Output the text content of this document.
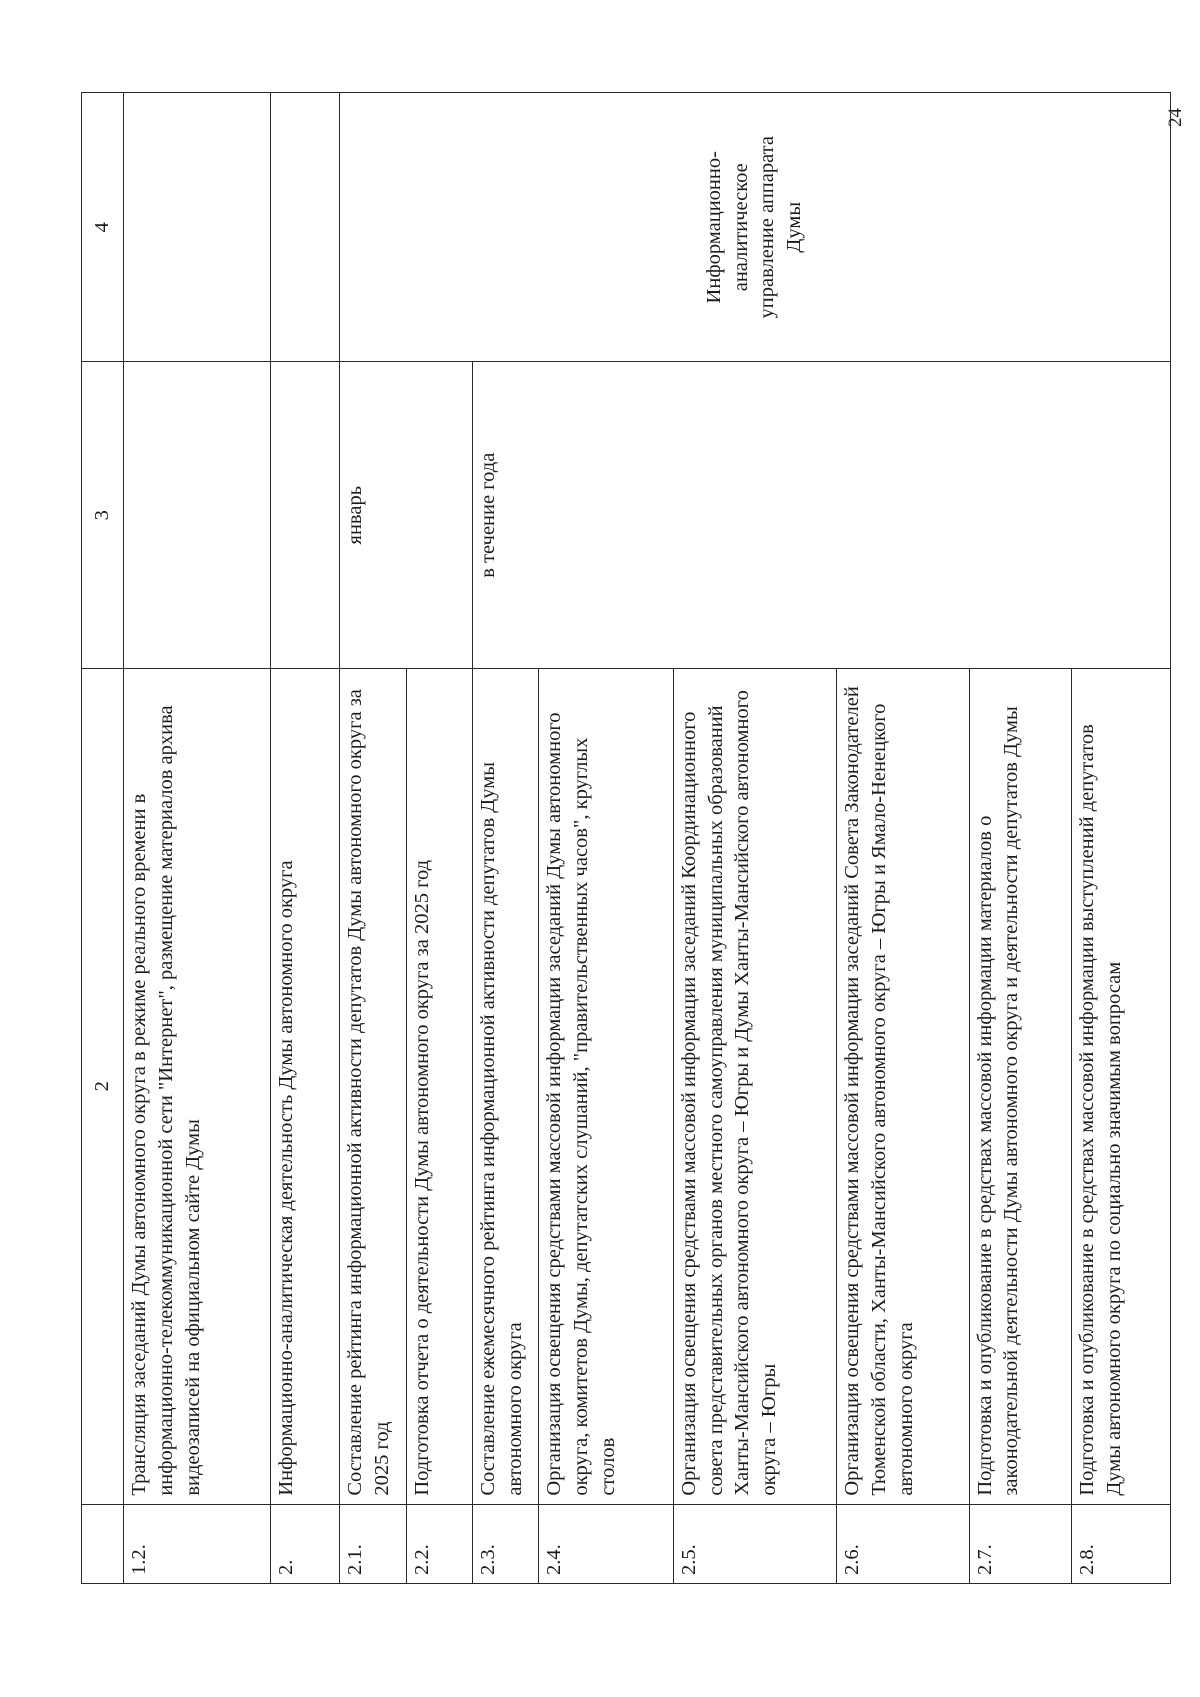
24
	2	3	4
1.2.	Трансляция заседаний Думы автономного округа в режиме реального времени в информационно-телекоммуникационной сети "Интернет", размещение материалов архива видеозаписей на официальном сайте Думы		
2.	Информационно-аналитическая деятельность Думы автономного округа		
2.1.	Составление рейтинга информационной активности депутатов Думы автономного округа за 2025 год	январь	Информационно- аналитическое управление аппарата Думы

2.2.	Подготовка отчета о деятельности Думы автономного округа за 2025 год		
2.3.	Составление ежемесячного рейтинга информационной активности депутатов Думы автономного округа	в течение года	
2.4.	Организация освещения средствами массовой информации заседаний Думы автономного округа, комитетов Думы, депутатских слушаний, "правительственных часов", круглых столов		
2.5.	Организация освещения средствами массовой информации заседаний Координационного совета представительных органов местного самоуправления муниципальных образований Ханты-Мансийского автономного округа – Югры и Думы Ханты-Мансийского автономного округа – Югры		
2.6.	Организация освещения средствами массовой информации заседаний Совета Законодателей Тюменской области, Ханты-Мансийского автономного округа – Югры и Ямало-Ненецкого автономного округа		
2.7.	Подготовка и опубликование в средствах массовой информации материалов о законодательной деятельности Думы автономного округа и деятельности депутатов Думы		
2.8.	Подготовка и опубликование в средствах массовой информации выступлений депутатов Думы автономного округа по социально значимым вопросам		
